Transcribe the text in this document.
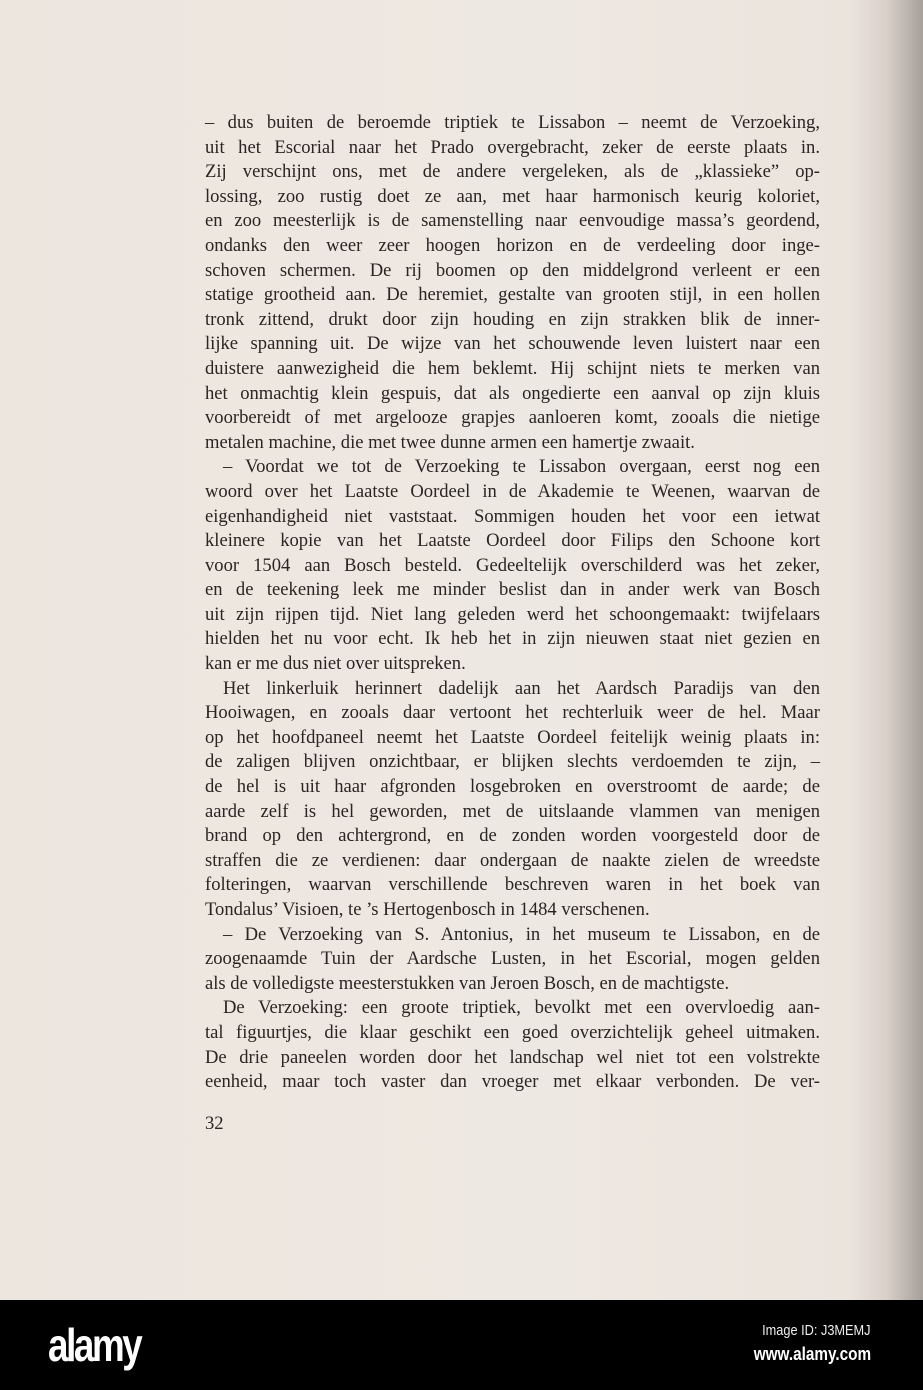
– dus buiten de beroemde triptiek te Lissabon – neemt de Verzoeking,
uit het Escorial naar het Prado overgebracht, zeker de eerste plaats in.
Zij verschijnt ons, met de andere vergeleken, als de „klassieke” op-
lossing, zoo rustig doet ze aan, met haar harmonisch keurig koloriet,
en zoo meesterlijk is de samenstelling naar eenvoudige massa’s geordend,
ondanks den weer zeer hoogen horizon en de verdeeling door inge-
schoven schermen. De rij boomen op den middelgrond verleent er een
statige grootheid aan. De heremiet, gestalte van grooten stijl, in een hollen
tronk zittend, drukt door zijn houding en zijn strakken blik de inner-
lijke spanning uit. De wijze van het schouwende leven luistert naar een
duistere aanwezigheid die hem beklemt. Hij schijnt niets te merken van
het onmachtig klein gespuis, dat als ongedierte een aanval op zijn kluis
voorbereidt of met argelooze grapjes aanloeren komt, zooals die nietige
metalen machine, die met twee dunne armen een hamertje zwaait.
– Voordat we tot de Verzoeking te Lissabon overgaan, eerst nog een
woord over het Laatste Oordeel in de Akademie te Weenen, waarvan de
eigenhandigheid niet vaststaat. Sommigen houden het voor een ietwat
kleinere kopie van het Laatste Oordeel door Filips den Schoone kort
voor 1504 aan Bosch besteld. Gedeeltelijk overschilderd was het zeker,
en de teekening leek me minder beslist dan in ander werk van Bosch
uit zijn rijpen tijd. Niet lang geleden werd het schoongemaakt: twijfelaars
hielden het nu voor echt. Ik heb het in zijn nieuwen staat niet gezien en
kan er me dus niet over uitspreken.
Het linkerluik herinnert dadelijk aan het Aardsch Paradijs van den
Hooiwagen, en zooals daar vertoont het rechterluik weer de hel. Maar
op het hoofdpaneel neemt het Laatste Oordeel feitelijk weinig plaats in:
de zaligen blijven onzichtbaar, er blijken slechts verdoemden te zijn, –
de hel is uit haar afgronden losgebroken en overstroomt de aarde; de
aarde zelf is hel geworden, met de uitslaande vlammen van menigen
brand op den achtergrond, en de zonden worden voorgesteld door de
straffen die ze verdienen: daar ondergaan de naakte zielen de wreedste
folteringen, waarvan verschillende beschreven waren in het boek van
Tondalus’ Visioen, te ’s Hertogenbosch in 1484 verschenen.
– De Verzoeking van S. Antonius, in het museum te Lissabon, en de
zoogenaamde Tuin der Aardsche Lusten, in het Escorial, mogen gelden
als de volledigste meesterstukken van Jeroen Bosch, en de machtigste.
De Verzoeking: een groote triptiek, bevolkt met een overvloedig aan-
tal figuurtjes, die klaar geschikt een goed overzichtelijk geheel uitmaken.
De drie paneelen worden door het landschap wel niet tot een volstrekte
eenheid, maar toch vaster dan vroeger met elkaar verbonden. De ver-
32
alamy	Image ID: J3MEMJ
www.alamy.com
